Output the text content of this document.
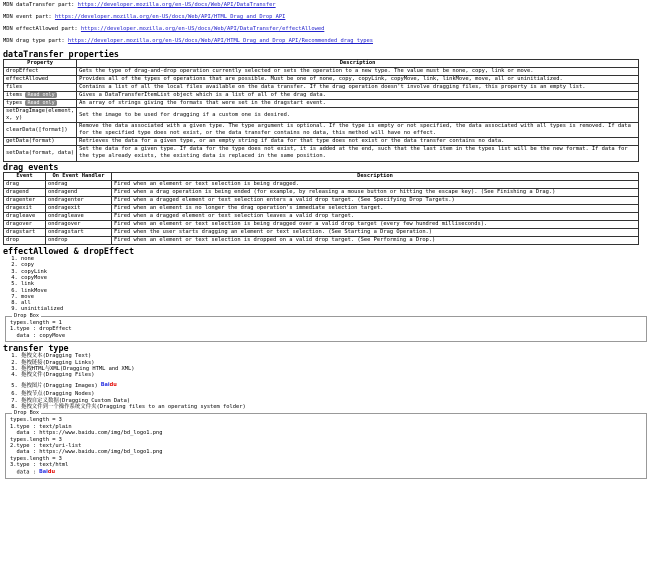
MDN dataTransfer part: https://developer.mozilla.org/en-US/docs/Web/API/DataTransfer

MDN event part: https://developer.mozilla.org/en-US/docs/Web/API/HTML_Drag_and_Drop_API

MDN effectAllowed part: https://developer.mozilla.org/en-US/docs/Web/API/DataTransfer/effectAllowed

MDN drag type part: https://developer.mozilla.org/en-US/docs/Web/API/HTML_Drag_and_Drop_API/Recommended_drag_types

dataTransfer properties
Property	Description
dropEffect	Gets the type of drag-and-drop operation currently selected or sets the operation to a new type. The value must be none, copy, link or move.
effectAllowed	Provides all of the types of operations that are possible. Must be one of none, copy, copyLink, copyMove, link, linkMove, move, all or uninitialized.
files	Contains a list of all the local files available on the data transfer. If the drag operation doesn't involve dragging files, this property is an empty list.
items Read only	Gives a DataTransferItemList object which is a list of all of the drag data.
types Read only	An array of strings giving the formats that were set in the dragstart event.
setDragImage(element, x, y)	Set the image to be used for dragging if a custom one is desired.
clearData([format])	Remove the data associated with a given type. The type argument is optional. If the type is empty or not specified, the data associated with all types is removed. If data for the specified type does not exist, or the data transfer contains no data, this method will have no effect.
getData(format)	Retrieves the data for a given type, or an empty string if data for that type does not exist or the data transfer contains no data.
setData(format, data)	Set the data for a given type. If data for the type does not exist, it is added at the end, such that the last item in the types list will be the new format. If data for the type already exists, the existing data is replaced in the same position.
drag events
Event	On Event Handler	Description
drag	ondrag	Fired when an element or text selection is being dragged.
dragend	ondragend	Fired when a drag operation is being ended (for example, by releasing a mouse button or hitting the escape key). (See Finishing a Drag.)
dragenter	ondragenter	Fired when a dragged element or text selection enters a valid drop target. (See Specifying Drop Targets.)
dragexit	ondragexit	Fired when an element is no longer the drag operation's immediate selection target.
dragleave	ondragleave	Fired when a dragged element or text selection leaves a valid drop target.
dragover	ondragover	Fired when an element or text selection is being dragged over a valid drop target (every few hundred milliseconds).
dragstart	ondragstart	Fired when the user starts dragging an element or text selection. (See Starting a Drag Operation.)
drop	ondrop	Fired when an element or text selection is dropped on a valid drop target. (See Performing a Drop.)
effectAllowed & dropEffect
1. none
2. copy
3. copyLink
4. copyMove
5. link
6. linkMove
7. move
8. all
9. uninitialized
Drop Box
types.length = 1
1.type : dropEffect
data : copyMove
transfer type
1. 拖拽文本(Dragging Text)
2. 拖拽链接(Dragging Links)
3. 拖拽HTML与XML(Dragging HTML and XML)
4. 拖拽文件(Dragging Files)
5. 拖拽图片(Dragging Images) Baidu
6. 拖拽节点(Dragging Nodes)
7. 拖拽自定义数据(Dragging Custom Data)
8. 拖拽文件到一个操作系统文件夹(Dragging files to an operating system folder)
Drop Box
types.length = 3
1.type : text/plain
data : https://www.baidu.com/img/bd_logo1.png
types.length = 3
2.type : text/uri-list
data : https://www.baidu.com/img/bd_logo1.png
types.length = 3
3.type : text/html
data : Baidu
